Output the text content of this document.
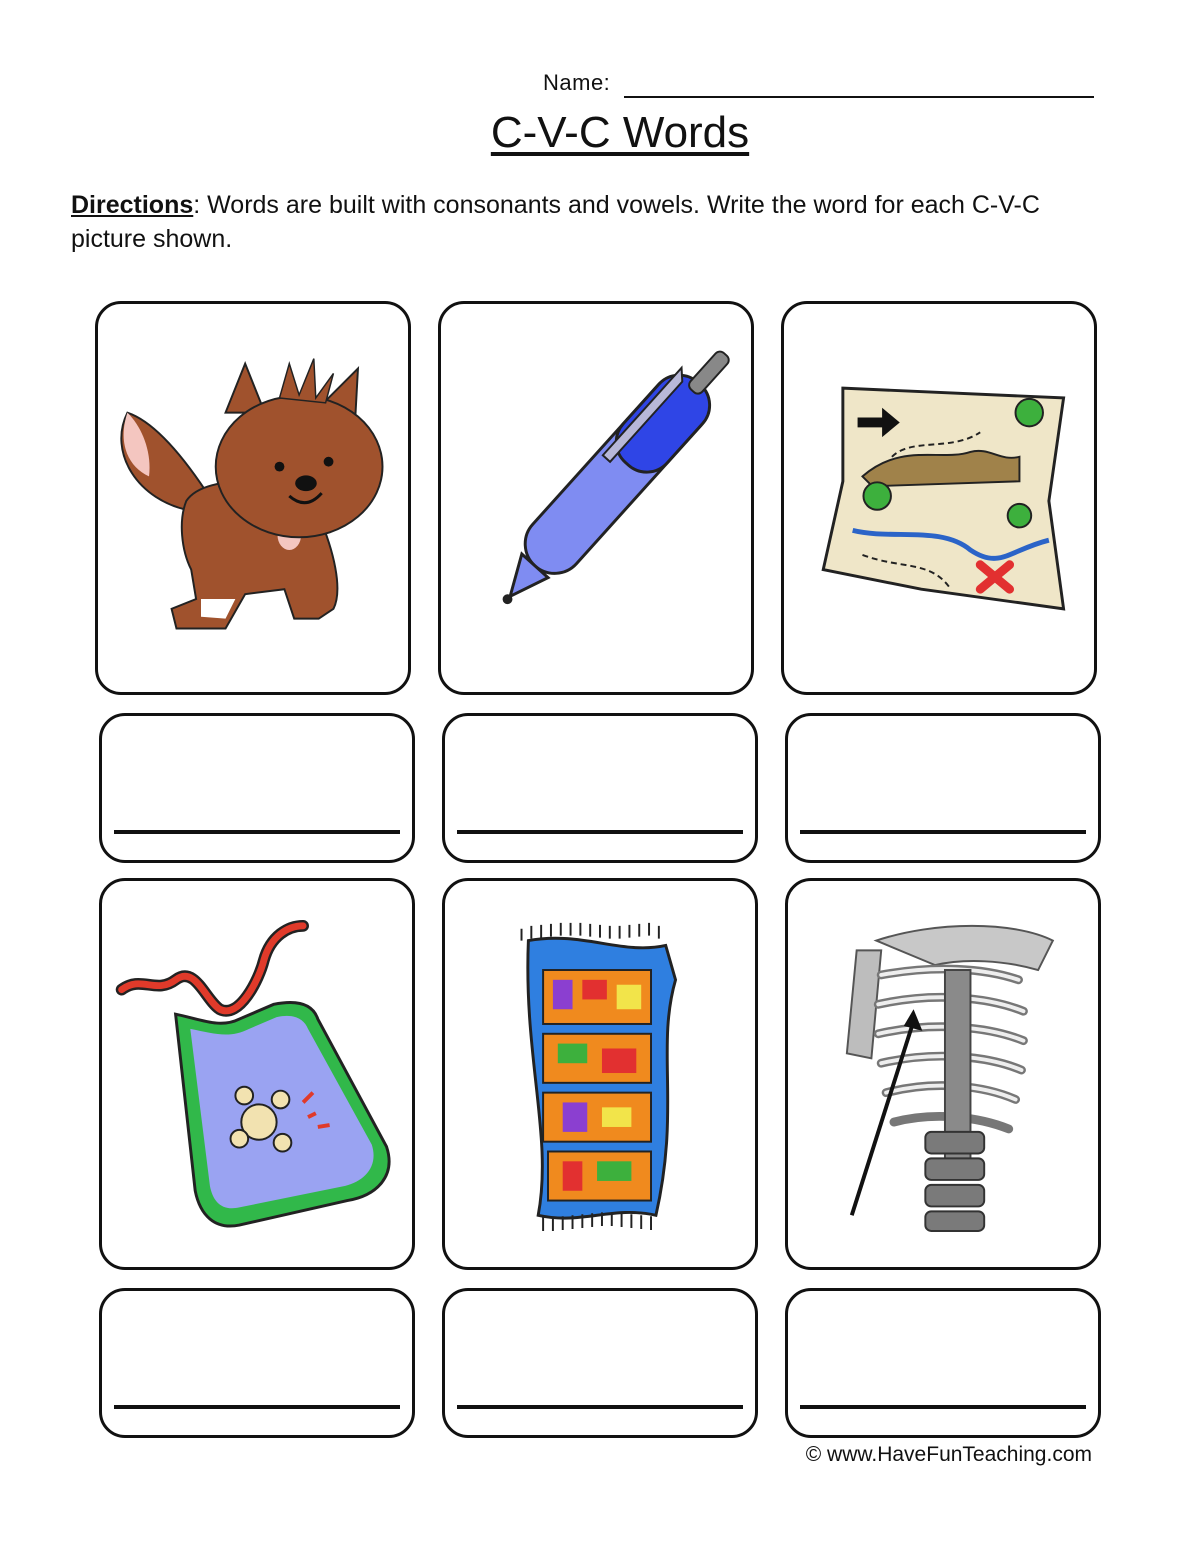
Name:
C-V-C Words
Directions: Words are built with consonants and vowels. Write the word for each C-V-C picture shown.
© www.HaveFunTeaching.com
